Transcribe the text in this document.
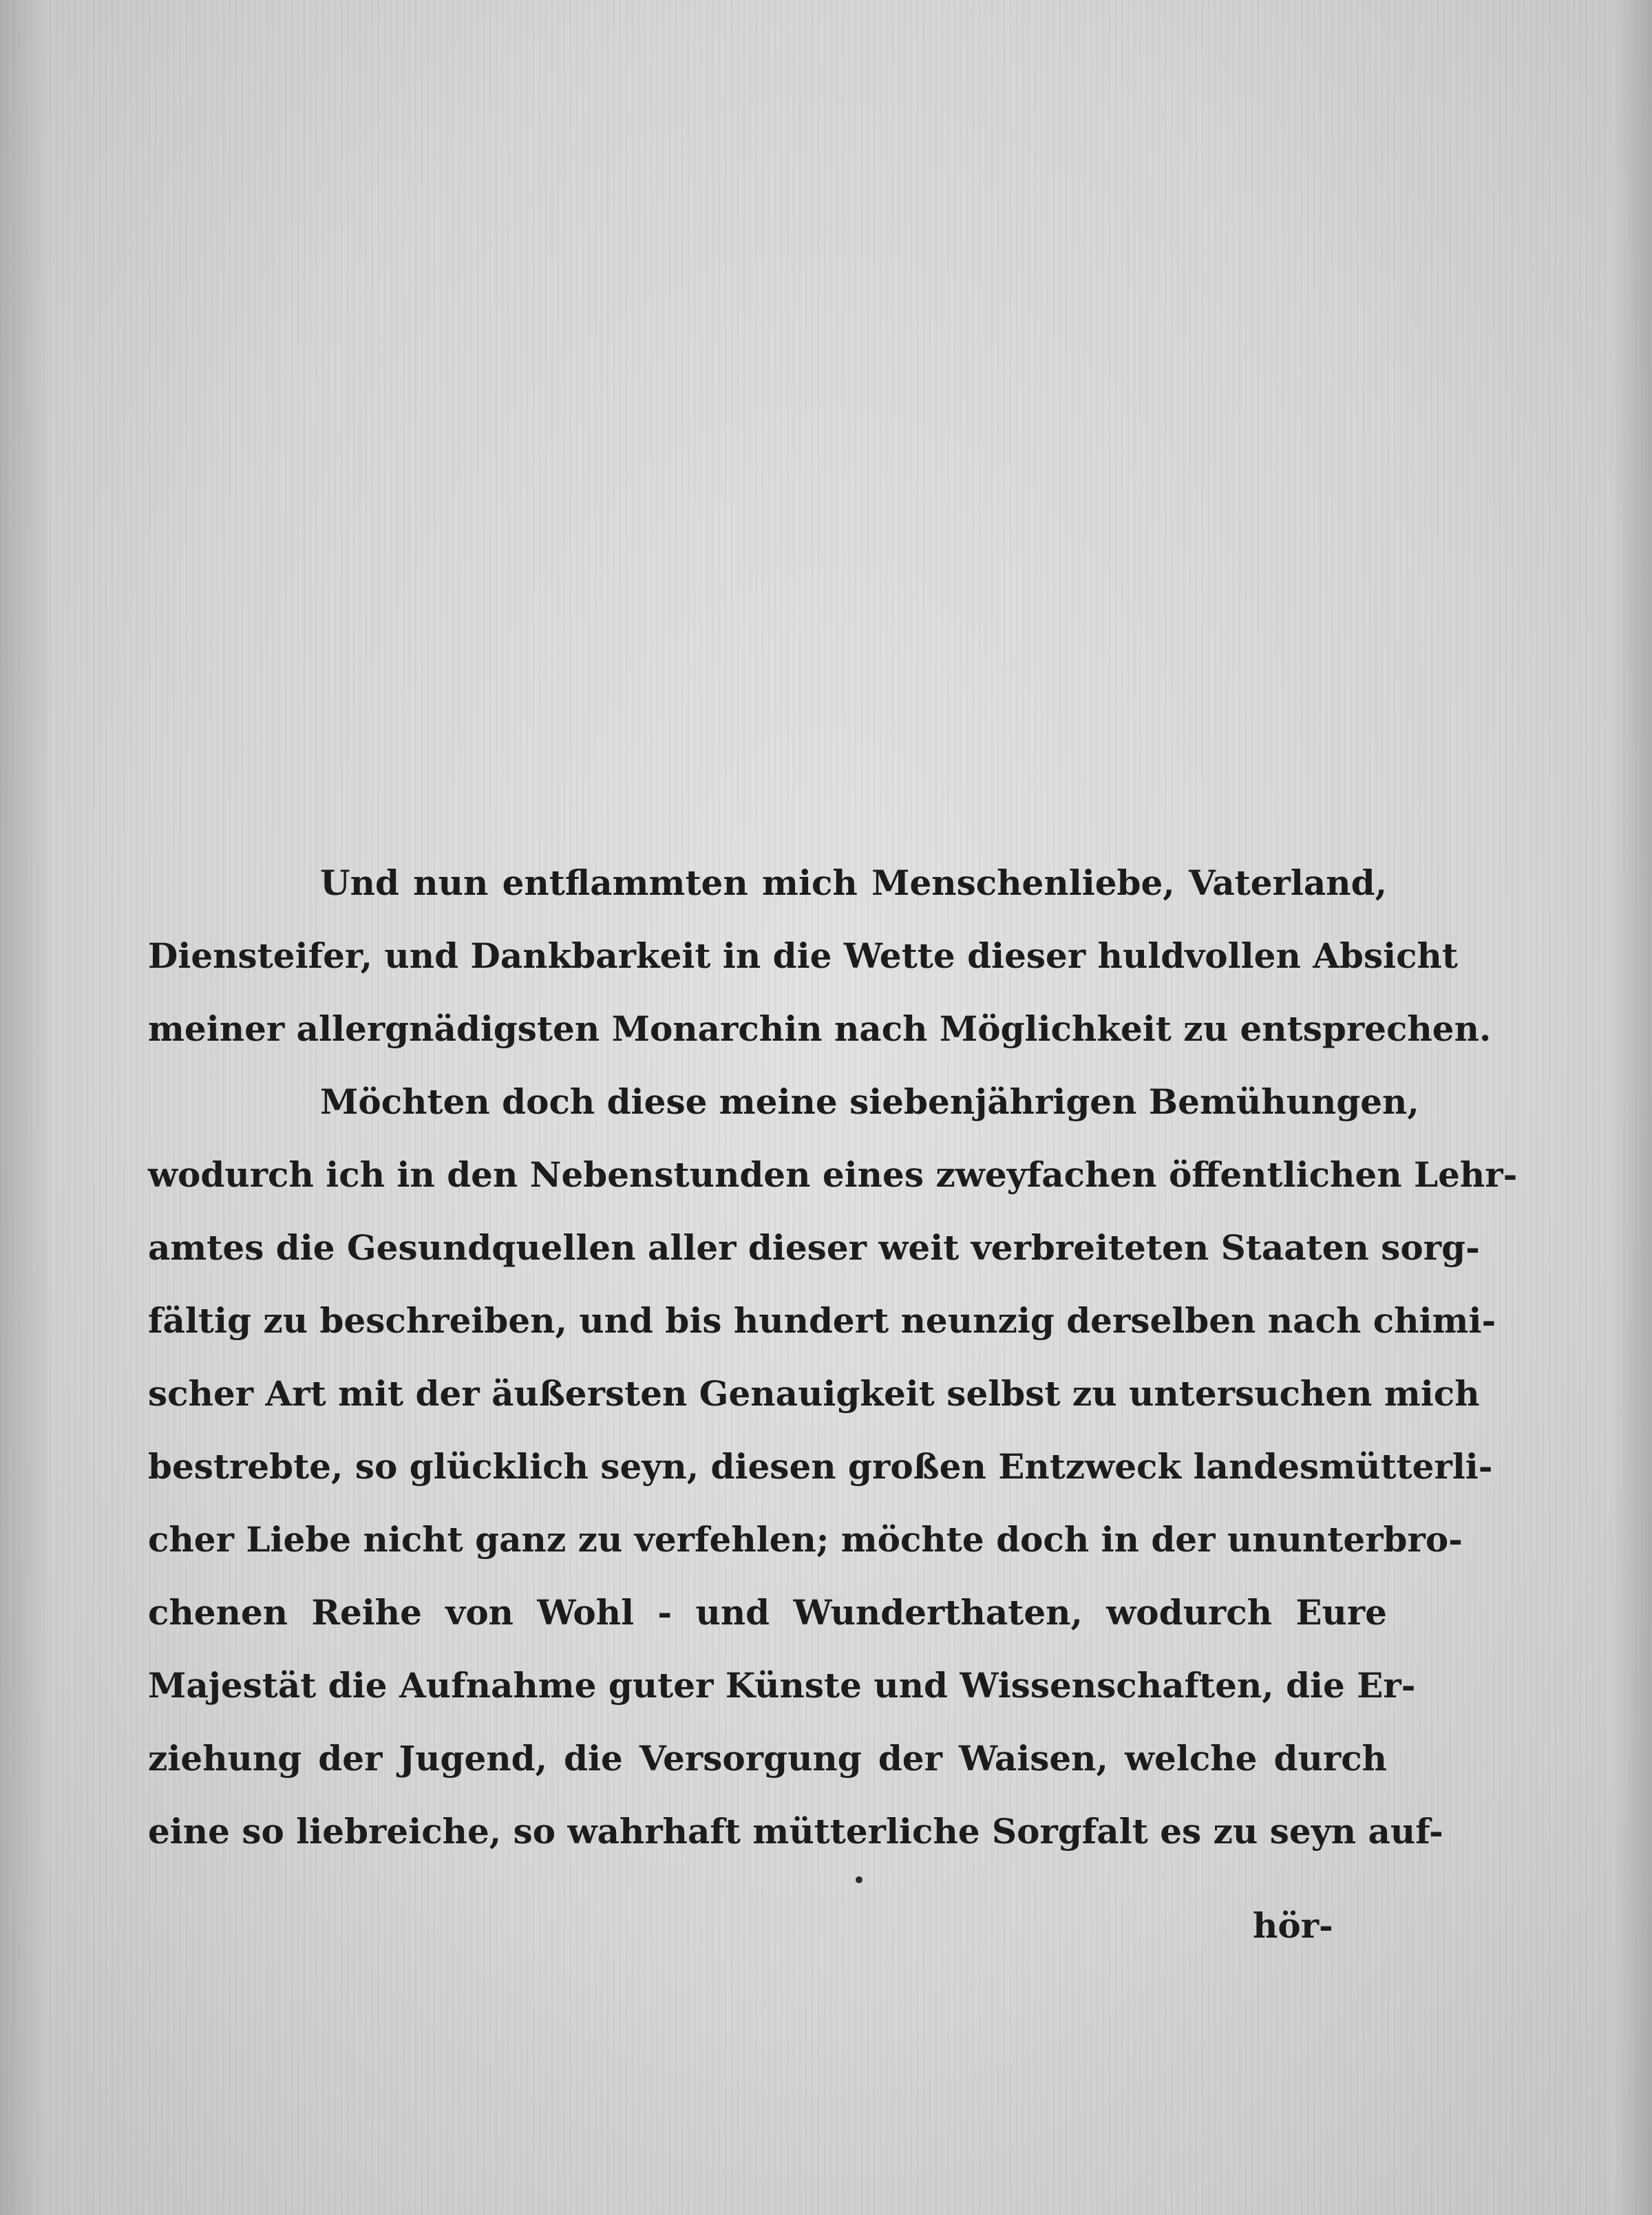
Und nun entflammten mich Menschenliebe, Vaterland,
Diensteifer, und Dankbarkeit in die Wette dieser huldvollen Absicht
meiner allergnädigsten Monarchin nach Möglichkeit zu entsprechen.
Möchten doch diese meine siebenjährigen Bemühungen,
wodurch ich in den Nebenstunden eines zweyfachen öffentlichen Lehr-
amtes die Gesundquellen aller dieser weit verbreiteten Staaten sorg-
fältig zu beschreiben, und bis hundert neunzig derselben nach chimi-
scher Art mit der äußersten Genauigkeit selbst zu untersuchen mich
bestrebte, so glücklich seyn, diesen großen Entzweck landesmütterli-
cher Liebe nicht ganz zu verfehlen; möchte doch in der ununterbro-
chenen Reihe von Wohl - und Wunderthaten, wodurch Eure
Majestät die Aufnahme guter Künste und Wissenschaften, die Er-
ziehung der Jugend, die Versorgung der Waisen, welche durch
eine so liebreiche, so wahrhaft mütterliche Sorgfalt es zu seyn auf-
hör-
